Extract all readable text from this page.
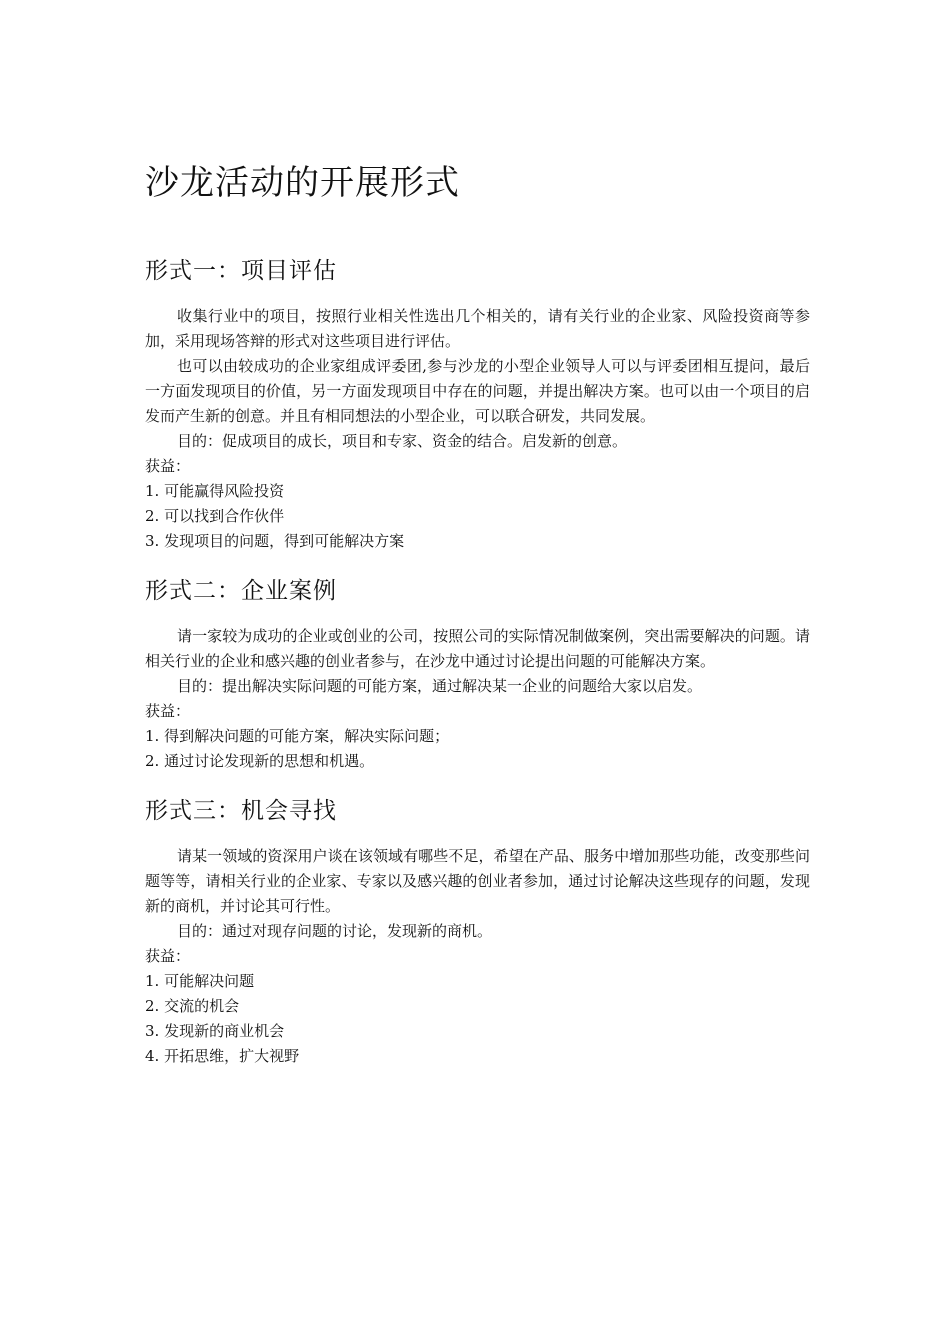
沙龙活动的开展形式
形式一：项目评估

收集行业中的项目，按照行业相关性选出几个相关的，请有关行业的企业家、风险投资商等参加，采用现场答辩的形式对这些项目进行评估。

也可以由较成功的企业家组成评委团,参与沙龙的小型企业领导人可以与评委团相互提问，最后一方面发现项目的价值，另一方面发现项目中存在的问题，并提出解决方案。也可以由一个项目的启发而产生新的创意。并且有相同想法的小型企业，可以联合研发，共同发展。

目的：促成项目的成长，项目和专家、资金的结合。启发新的创意。

获益：

1. 可能赢得风险投资
2. 可以找到合作伙伴
3. 发现项目的问题，得到可能解决方案
形式二：企业案例

请一家较为成功的企业或创业的公司，按照公司的实际情况制做案例，突出需要解决的问题。请相关行业的企业和感兴趣的创业者参与，在沙龙中通过讨论提出问题的可能解决方案。

目的：提出解决实际问题的可能方案，通过解决某一企业的问题给大家以启发。

获益：

1. 得到解决问题的可能方案，解决实际问题；
2. 通过讨论发现新的思想和机遇。
形式三：机会寻找

请某一领域的资深用户谈在该领域有哪些不足，希望在产品、服务中增加那些功能，改变那些问题等等，请相关行业的企业家、专家以及感兴趣的创业者参加，通过讨论解决这些现存的问题，发现新的商机，并讨论其可行性。

目的：通过对现存问题的讨论，发现新的商机。

获益：

1. 可能解决问题
2. 交流的机会
3. 发现新的商业机会
4. 开拓思维，扩大视野
